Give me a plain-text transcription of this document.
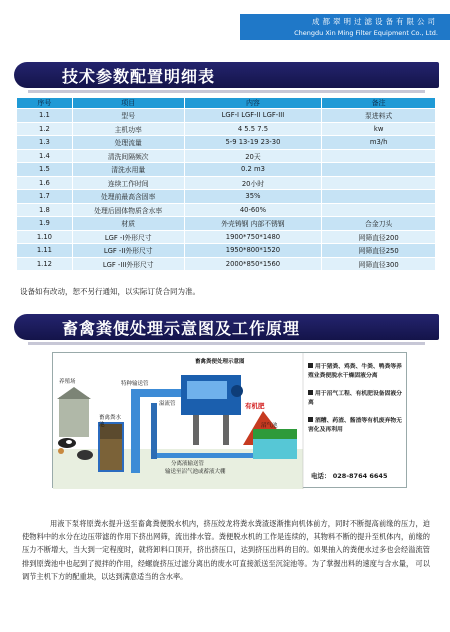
成都翠明过滤设备有限公司
Chengdu Xin Ming Filter Equipment Co., Ltd.
技术参数配置明细表
序号	项目	内容	备注
1.1	型号	LGF-I LGF-II LGF-III	泵进料式
1.2	主机功率	4 5.5 7.5	kw
1.3	处理流量	5-9 13-19 23-30	m3/h
1.4	清洗间隔频次	20天	
1.5	清洗水用量	0.2 m3	
1.6	连续工作时间	20小时	
1.7	处理前最高含固率	35%	
1.8	处理后固体物质含水率	40-60%	
1.9	材质	外壳铸钢 内部不锈钢	合金刀头
1.10	LGF -I外形尺寸	1900*750*1480	网筛直径200
1.11	LGF -II外形尺寸	1950*800*1520	网筛直径250
1.12	LGF -III外形尺寸	2000*850*1560	网筛直径300
设备如有改动，恕不另行通知，以实际订货合同为准。
畜禽粪便处理示意图及工作原理
畜禽粪便处理示意图
养殖场
畜禽粪水池
特种输送管
溢流管	有机肥
沼气池
分离液输送管
输送至沼气池或蓄液大棚
用于猪粪、鸡粪、牛粪、鸭粪等养殖业粪便脱水干燥固液分离
用于沼气工程、有机肥设备固液分离
酒糟、药渣、酱渣等有机废弃物无害化及再利用
电话： 028-8764 6645

用液下泵将原粪水提升送至畜禽粪便脱水机内，挤压绞龙将粪水粪渣逐渐推向机体前方，同时不断提高前缘的压力，迫使物料中的水分在边压带滤的作用下挤出网筛，流出排水管。粪便脱水机的工作是连续的，其物料不断的提升至机体内，前缘的压力不断增大，当大到一定程度时，就将卸料口顶开，挤出挤压口，达到挤压出料的目的。如果抽入的粪便水过多也会经溢流管排到原粪池中也起到了搅拌的作用，经螺旋挤压过滤分离出的废水可直接派送至沉淀池等。为了掌握出料的速度与含水量， 可以调节主机下方的配重块，以达到满意适当的含水率。
